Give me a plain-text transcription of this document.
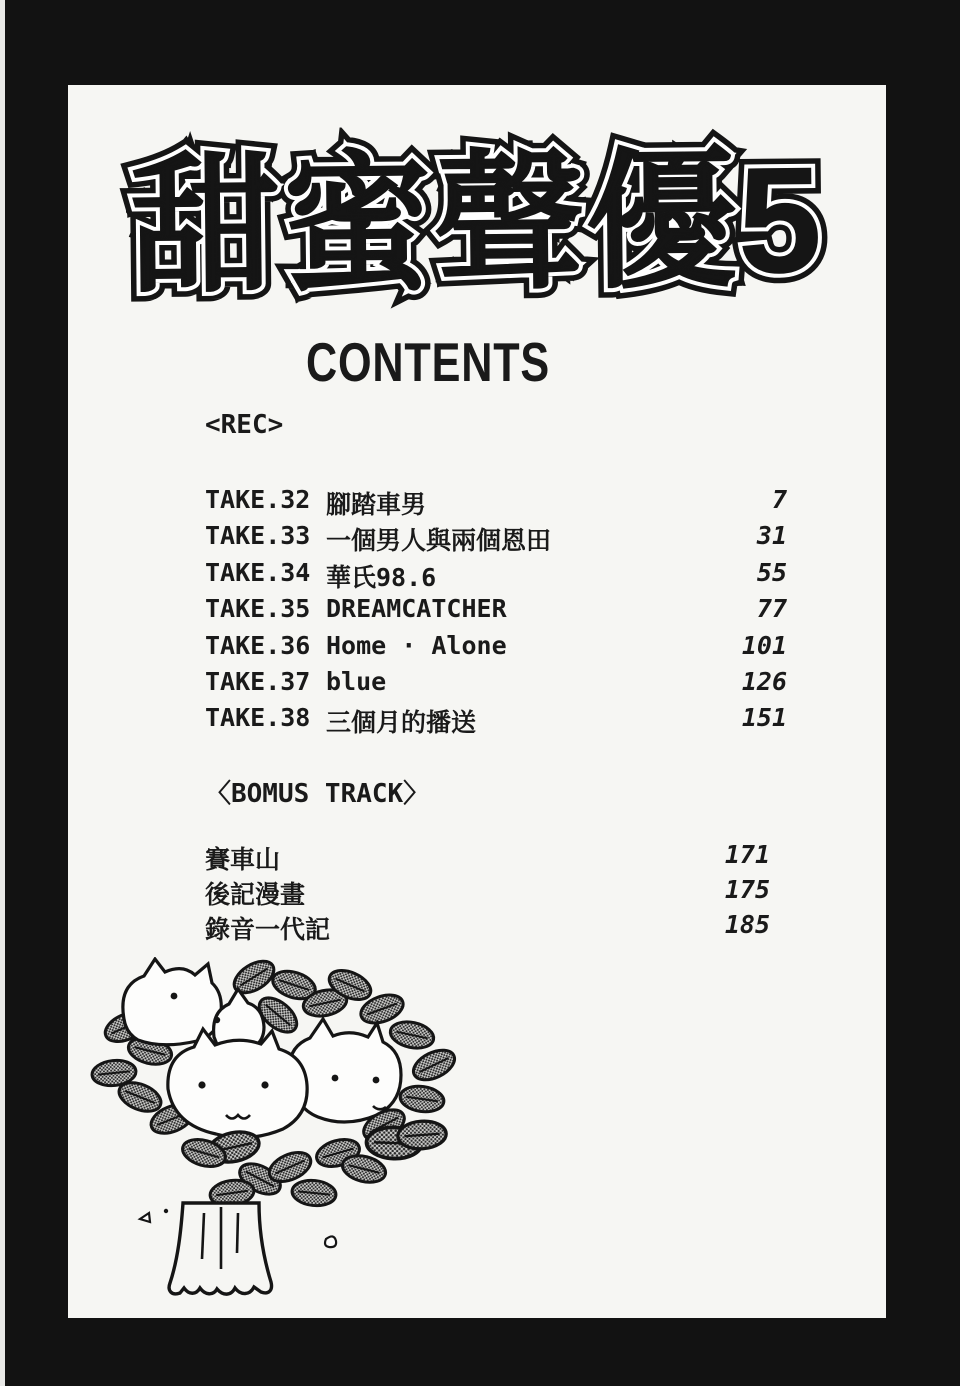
甜蜜聲優5 甜蜜聲優5 甜蜜聲優5
CONTENTS
<REC>
TAKE.32 腳踏車男	7
TAKE.33 一個男人與兩個恩田	31
TAKE.34 華氏98.6	55
TAKE.35 DREAMCATCHER	77
TAKE.36 Home · Alone	101
TAKE.37 blue	126
TAKE.38 三個月的播送	151
〈BOMUS TRACK〉
賽車山	171
後記漫畫	175
錄音一代記	185
